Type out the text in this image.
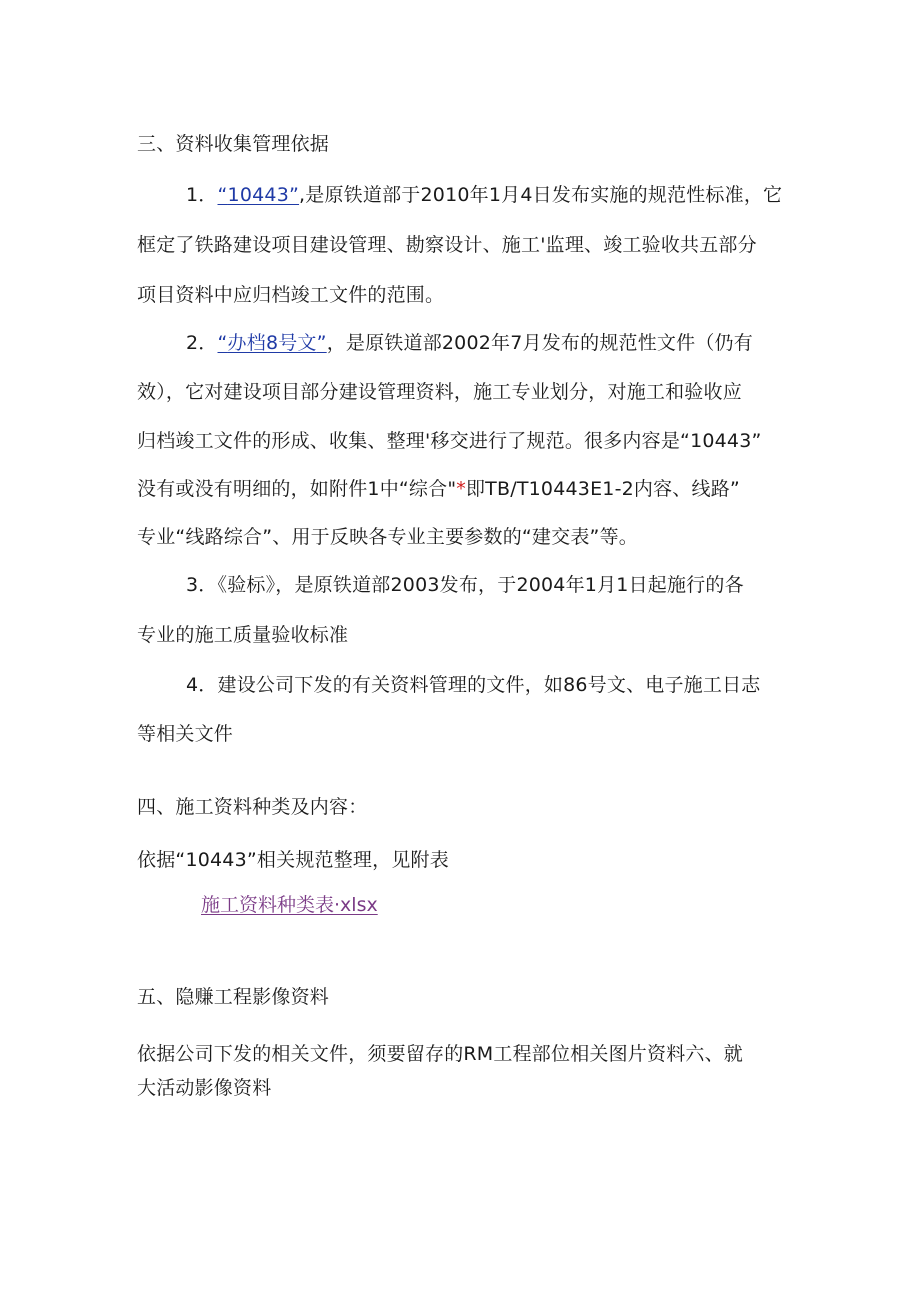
三、资料收集管理依据
1．“10443”,是原铁道部于2010年1月4日发布实施的规范性标准，它
框定了铁路建设项目建设管理、勘察设计、施工'监理、竣工验收共五部分
项目资料中应归档竣工文件的范围。
2．“办档8号文”，是原铁道部2002年7月发布的规范性文件（仍有
效），它对建设项目部分建设管理资料，施工专业划分，对施工和验收应
归档竣工文件的形成、收集、整理'移交进行了规范。很多内容是“10443”
没有或没有明细的，如附件1中“综合"*即TB/T10443E1-2内容、线路”
专业“线路综合”、用于反映各专业主要参数的“建交表”等。
3．《验标》，是原铁道部2003发布，于2004年1月1日起施行的各
专业的施工质量验收标准
4．建设公司下发的有关资料管理的文件，如86号文、电子施工日志
等相关文件
四、施工资料种类及内容：
依据“10443”相关规范整理，见附表
施工资料种类表·xlsx
五、隐赚工程影像资料
依据公司下发的相关文件，须要留存的RM工程部位相关图片资料六、就
大活动影像资料
